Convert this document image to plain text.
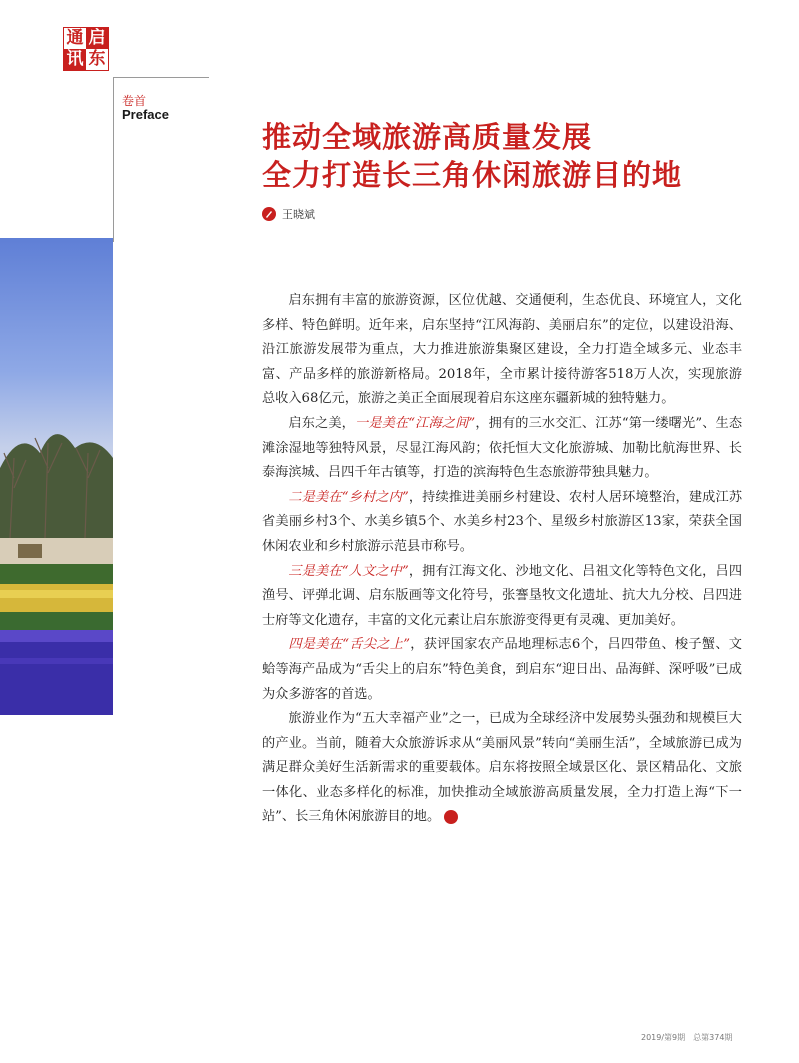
通 启
讯 东
卷首
Preface
推动全域旅游高质量发展
全力打造长三角休闲旅游目的地
王晓斌

启东拥有丰富的旅游资源，区位优越、交通便利，生态优良、环境宜人，文化多样、特色鲜明。近年来，启东坚持“江风海韵、美丽启东”的定位，以建设沿海、沿江旅游发展带为重点，大力推进旅游集聚区建设，全力打造全域多元、业态丰富、产品多样的旅游新格局。2018年，全市累计接待游客518万人次，实现旅游总收入68亿元，旅游之美正全面展现着启东这座东疆新城的独特魅力。

启东之美，一是美在“江海之间”，拥有的三水交汇、江苏“第一缕曙光”、生态滩涂湿地等独特风景，尽显江海风韵；依托恒大文化旅游城、加勒比航海世界、长泰海滨城、吕四千年古镇等，打造的滨海特色生态旅游带独具魅力。

二是美在“乡村之内”，持续推进美丽乡村建设、农村人居环境整治，建成江苏省美丽乡村3个、水美乡镇5个、水美乡村23个、星级乡村旅游区13家，荣获全国休闲农业和乡村旅游示范县市称号。

三是美在“人文之中”，拥有江海文化、沙地文化、吕祖文化等特色文化，吕四渔号、评弹北调、启东版画等文化符号，张謇垦牧文化遗址、抗大九分校、吕四进士府等文化遗存，丰富的文化元素让启东旅游变得更有灵魂、更加美好。

四是美在“舌尖之上”，获评国家农产品地理标志6个，吕四带鱼、梭子蟹、文蛤等海产品成为“舌尖上的启东”特色美食，到启东“迎日出、品海鲜、深呼吸”已成为众多游客的首选。

旅游业作为“五大幸福产业”之一，已成为全球经济中发展势头强劲和规模巨大的产业。当前，随着大众旅游诉求从“美丽风景”转向“美丽生活”，全域旅游已成为满足群众美好生活新需求的重要载体。启东将按照全域景区化、景区精品化、文旅一体化、业态多样化的标准，加快推动全域旅游高质量发展，全力打造上海“下一站”、长三角休闲旅游目的地。

2019/第9期　总第374期
